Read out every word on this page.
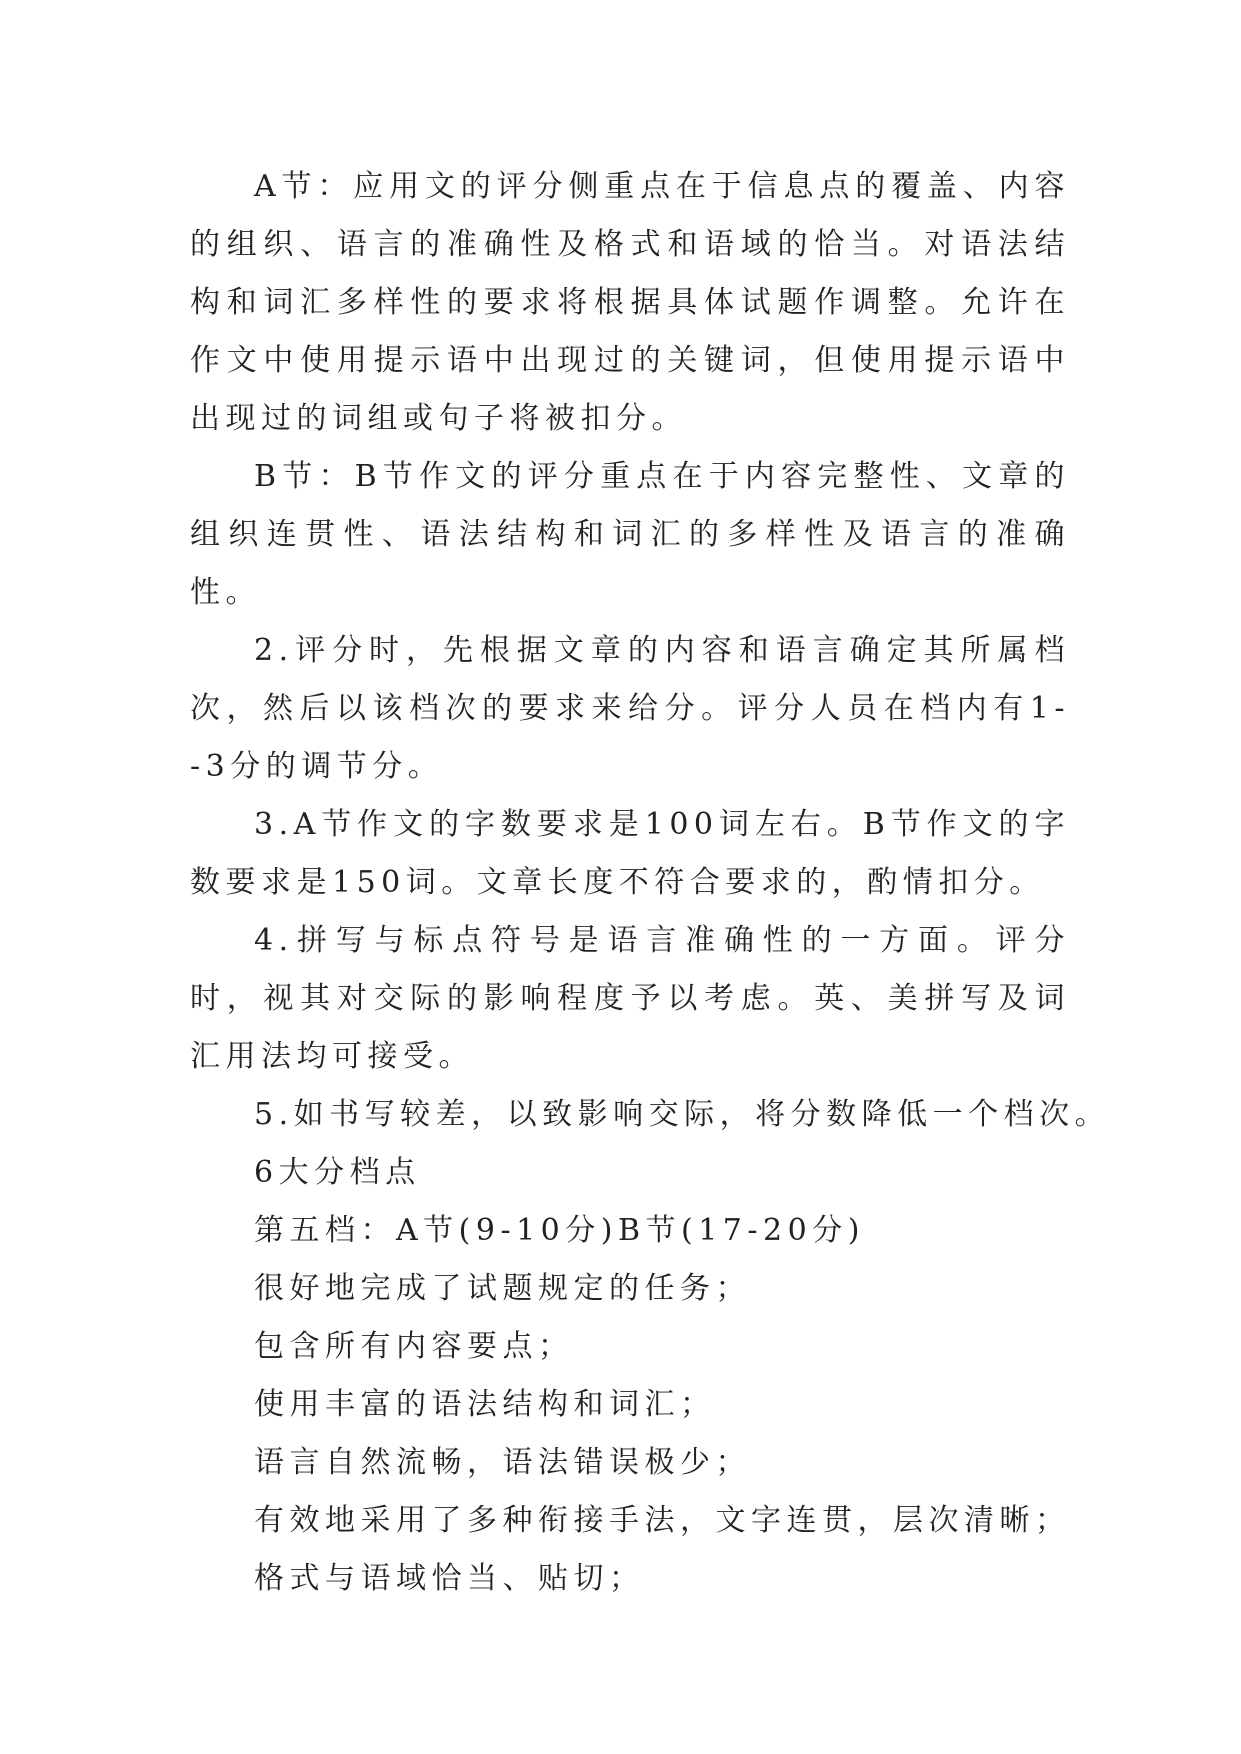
A节：应用文的评分侧重点在于信息点的覆盖、内容的组织、语言的准确性及格式和语域的恰当。对语法结构和词汇多样性的要求将根据具体试题作调整。允许在作文中使用提示语中出现过的关键词，但使用提示语中出现过的词组或句子将被扣分。

B节：B节作文的评分重点在于内容完整性、文章的组织连贯性、语法结构和词汇的多样性及语言的准确性。

2.评分时，先根据文章的内容和语言确定其所属档次，然后以该档次的要求来给分。评分人员在档内有1--3分的调节分。

3.A节作文的字数要求是100词左右。B节作文的字数要求是150词。文章长度不符合要求的，酌情扣分。

4.拼写与标点符号是语言准确性的一方面。评分时，视其对交际的影响程度予以考虑。英、美拼写及词汇用法均可接受。

5.如书写较差，以致影响交际，将分数降低一个档次。

6大分档点

第五档：A节(9-10分)B节(17-20分)

很好地完成了试题规定的任务；

包含所有内容要点；

使用丰富的语法结构和词汇；

语言自然流畅，语法错误极少；

有效地采用了多种衔接手法，文字连贯，层次清晰；

格式与语域恰当、贴切；
